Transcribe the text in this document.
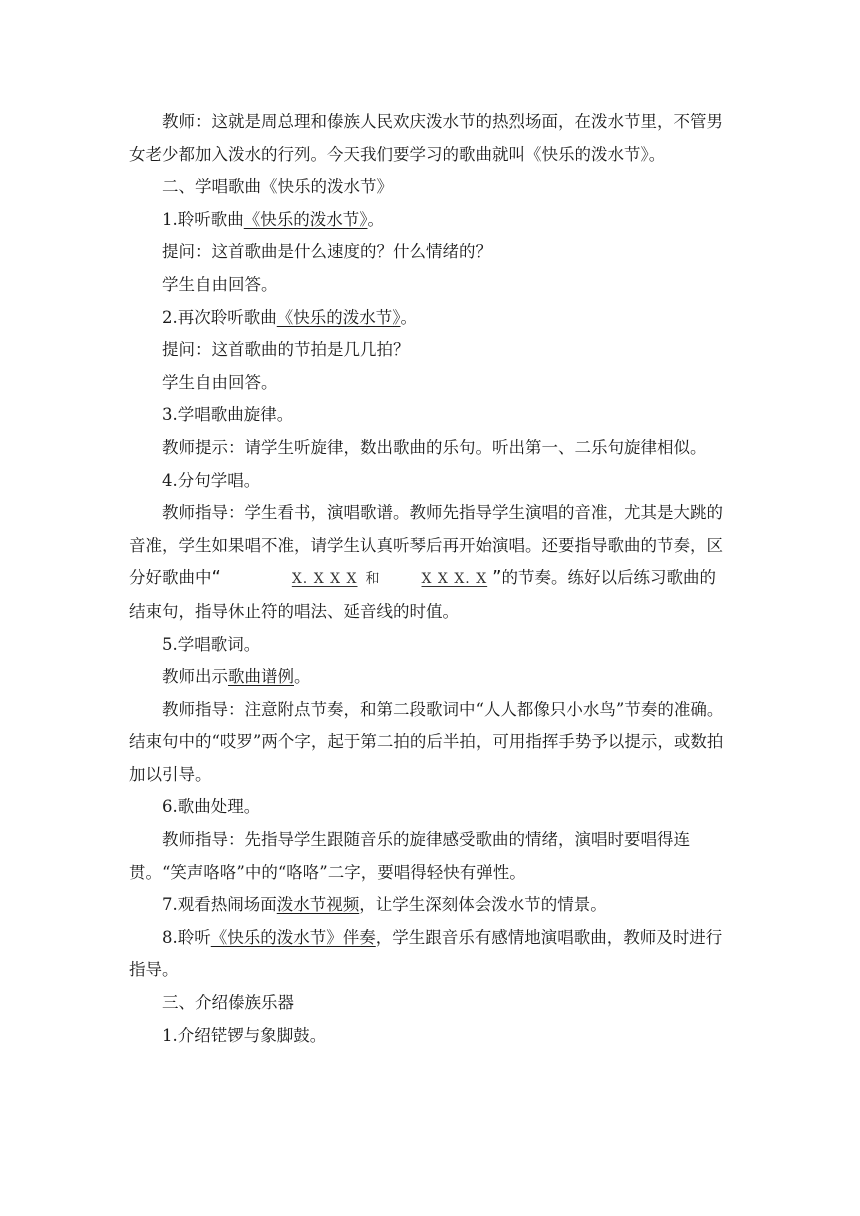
教师：这就是周总理和傣族人民欢庆泼水节的热烈场面，在泼水节里，不管男女老少都加入泼水的行列。今天我们要学习的歌曲就叫《快乐的泼水节》。

二、学唱歌曲《快乐的泼水节》

1.聆听歌曲《快乐的泼水节》。

提问：这首歌曲是什么速度的？什么情绪的？

学生自由回答。

2.再次聆听歌曲《快乐的泼水节》。

提问：这首歌曲的节拍是几几拍？

学生自由回答。

3.学唱歌曲旋律。

教师提示：请学生听旋律，数出歌曲的乐句。听出第一、二乐句旋律相似。

4.分句学唱。

教师指导：学生看书，演唱歌谱。教师先指导学生演唱的音准，尤其是大跳的音准，学生如果唱不准，请学生认真听琴后再开始演唱。还要指导歌曲的节奏，区分好歌曲中“	X. X X X 和	X X X. X ”的节奏。练好以后练习歌曲的结束句，指导休止符的唱法、延音线的时值。

5.学唱歌词。

教师出示歌曲谱例。

教师指导：注意附点节奏，和第二段歌词中“人人都像只小水鸟”节奏的准确。结束句中的“哎罗”两个字，起于第二拍的后半拍，可用指挥手势予以提示，或数拍加以引导。

6.歌曲处理。

教师指导：先指导学生跟随音乐的旋律感受歌曲的情绪，演唱时要唱得连贯。“笑声咯咯”中的“咯咯”二字，要唱得轻快有弹性。

7.观看热闹场面泼水节视频，让学生深刻体会泼水节的情景。

8.聆听《快乐的泼水节》伴奏，学生跟音乐有感情地演唱歌曲，教师及时进行指导。

三、介绍傣族乐器

1.介绍铓锣与象脚鼓。
